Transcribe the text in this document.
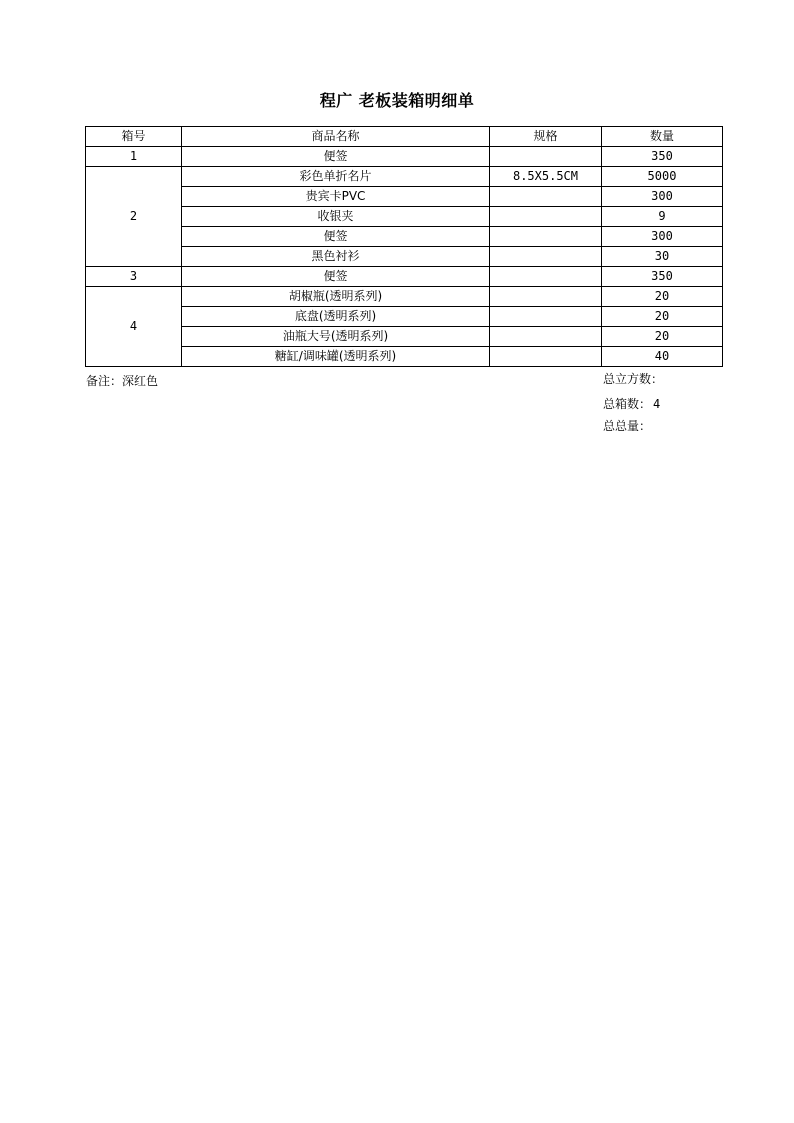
程广 老板装箱明细单
箱号	商品名称	规格	数量
1	便签		350
2	彩色单折名片	8.5X5.5CM	5000
	贵宾卡PVC		300
	收银夹		9
	便签		300
	黑色衬衫		30
3	便签		350
4	胡椒瓶(透明系列)		20
	底盘(透明系列)		20
	油瓶大号(透明系列)		20
	糖缸/调味罐(透明系列)		40
备注：深红色	总立方数：
总箱数： 4
总总量：
